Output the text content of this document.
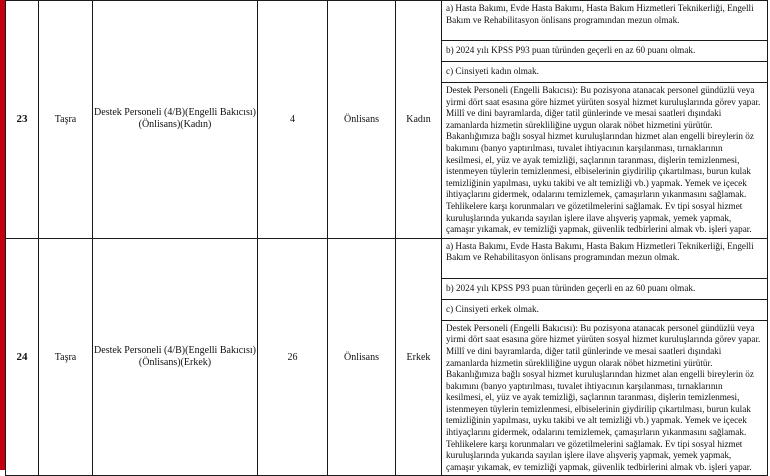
23	Taşra	Destek Personeli (4/B)(Engelli Bakıcısı)(Önlisans)(Kadın)	4	Önlisans	Kadın	a) Hasta Bakımı, Evde Hasta Bakımı, Hasta Bakım Hizmetleri Teknikerliği, Engelli Bakım ve Rehabilitasyon önlisans programından mezun olmak.
						b) 2024 yılı KPSS P93 puan türünden geçerli en az 60 puanı olmak.
						c) Cinsiyeti kadın olmak.
						Destek Personeli (Engelli Bakıcısı): Bu pozisyona atanacak personel gündüzlü veya yirmi dört saat esasına göre hizmet yürüten sosyal hizmet kuruluşlarında görev yapar. Millî ve dini bayramlarda, diğer tatil günlerinde ve mesai saatleri dışındaki zamanlarda hizmetin sürekliliğine uygun olarak nöbet hizmetini yürütür. Bakanlığımıza bağlı sosyal hizmet kuruluşlarından hizmet alan engelli bireylerin öz bakımını (banyo yaptırılması, tuvalet ihtiyacının karşılanması, tırnaklarının kesilmesi, el, yüz ve ayak temizliği, saçlarının taranması, dişlerin temizlenmesi, istenmeyen tüylerin temizlenmesi, elbiselerinin giydirilip çıkartılması, burun kulak temizliğinin yapılması, uyku takibi ve alt temizliği vb.) yapmak. Yemek ve içecek ihtiyaçlarını gidermek, odalarını temizlemek, çamaşırların yıkanmasını sağlamak. Tehlikelere karşı korunmaları ve gözetilmelerini sağlamak. Ev tipi sosyal hizmet kuruluşlarında yukarıda sayılan işlere ilave alışveriş yapmak, yemek yapmak, çamaşır yıkamak, ev temizliği yapmak, güvenlik tedbirlerini almak vb. işleri yapar.
24	Taşra	Destek Personeli (4/B)(Engelli Bakıcısı)(Önlisans)(Erkek)	26	Önlisans	Erkek	a) Hasta Bakımı, Evde Hasta Bakımı, Hasta Bakım Hizmetleri Teknikerliği, Engelli Bakım ve Rehabilitasyon önlisans programından mezun olmak.
						b) 2024 yılı KPSS P93 puan türünden geçerli en az 60 puanı olmak.
						c) Cinsiyeti erkek olmak.
						Destek Personeli (Engelli Bakıcısı): Bu pozisyona atanacak personel gündüzlü veya yirmi dört saat esasına göre hizmet yürüten sosyal hizmet kuruluşlarında görev yapar. Millî ve dini bayramlarda, diğer tatil günlerinde ve mesai saatleri dışındaki zamanlarda hizmetin sürekliliğine uygun olarak nöbet hizmetini yürütür. Bakanlığımıza bağlı sosyal hizmet kuruluşlarından hizmet alan engelli bireylerin öz bakımını (banyo yaptırılması, tuvalet ihtiyacının karşılanması, tırnaklarının kesilmesi, el, yüz ve ayak temizliği, saçlarının taranması, dişlerin temizlenmesi, istenmeyen tüylerin temizlenmesi, elbiselerinin giydirilip çıkartılması, burun kulak temizliğinin yapılması, uyku takibi ve alt temizliği vb.) yapmak. Yemek ve içecek ihtiyaçlarını gidermek, odalarını temizlemek, çamaşırların yıkanmasını sağlamak. Tehlikelere karşı korunmaları ve gözetilmelerini sağlamak. Ev tipi sosyal hizmet kuruluşlarında yukarıda sayılan işlere ilave alışveriş yapmak, yemek yapmak, çamaşır yıkamak, ev temizliği yapmak, güvenlik tedbirlerini almak vb. işleri yapar.
